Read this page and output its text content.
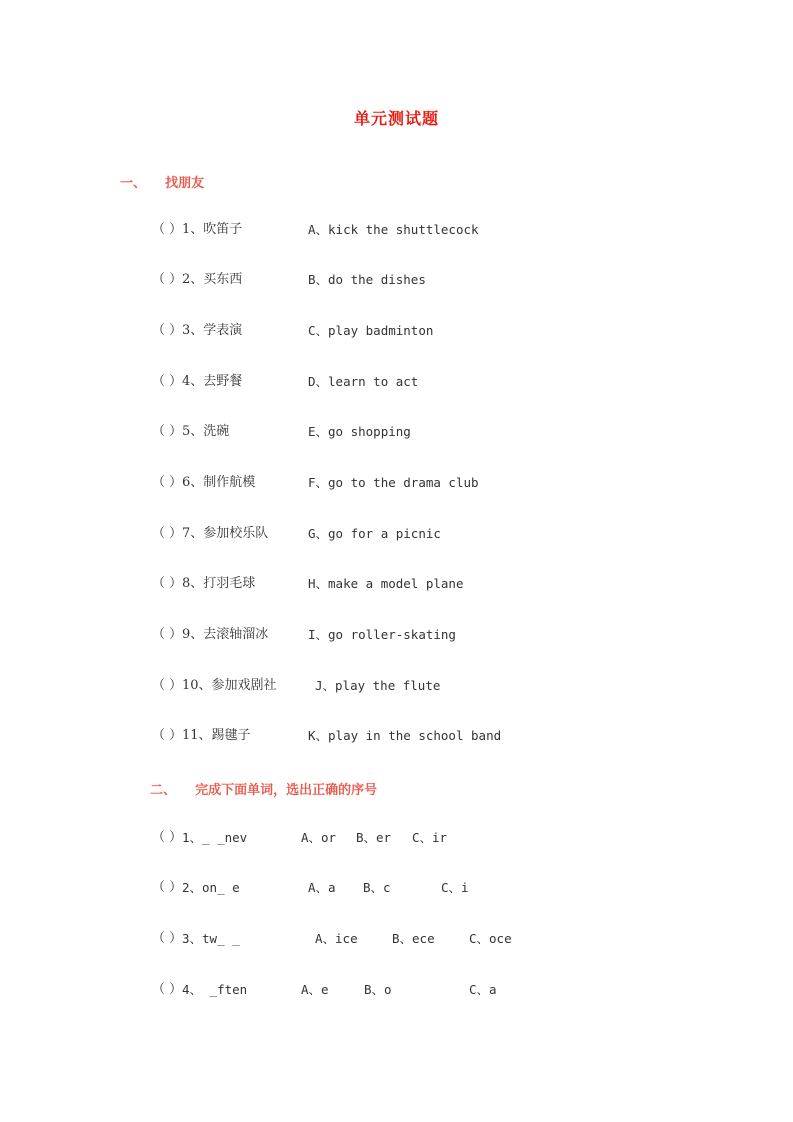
单元测试题
一、 找朋友
（ ） 1、吹笛子	A、kick the shuttlecock
（ ） 2、买东西	B、do the dishes
（ ） 3、学表演	C、play badminton
（ ） 4、去野餐	D、learn to act
（ ） 5、洗碗	E、go shopping
（ ） 6、制作航模	F、go to the drama club
（ ） 7、参加校乐队	G、go for a picnic
（ ） 8、打羽毛球	H、make a model plane
（ ） 9、去滚轴溜冰	I、go roller-skating
（ ） 10、参加戏剧社	J、play the flute
（ ） 11、踢毽子	K、play in the school band
二、 完成下面单词，选出正确的序号
（ ） 1、_ _nev	A、or B、er C、ir
（ ） 2、on_ e	A、a B、c	C、i
（ ） 3、tw_ _	A、ice	B、ece	C、oce
（ ） 4、 _ften	A、e	B、o	C、a
